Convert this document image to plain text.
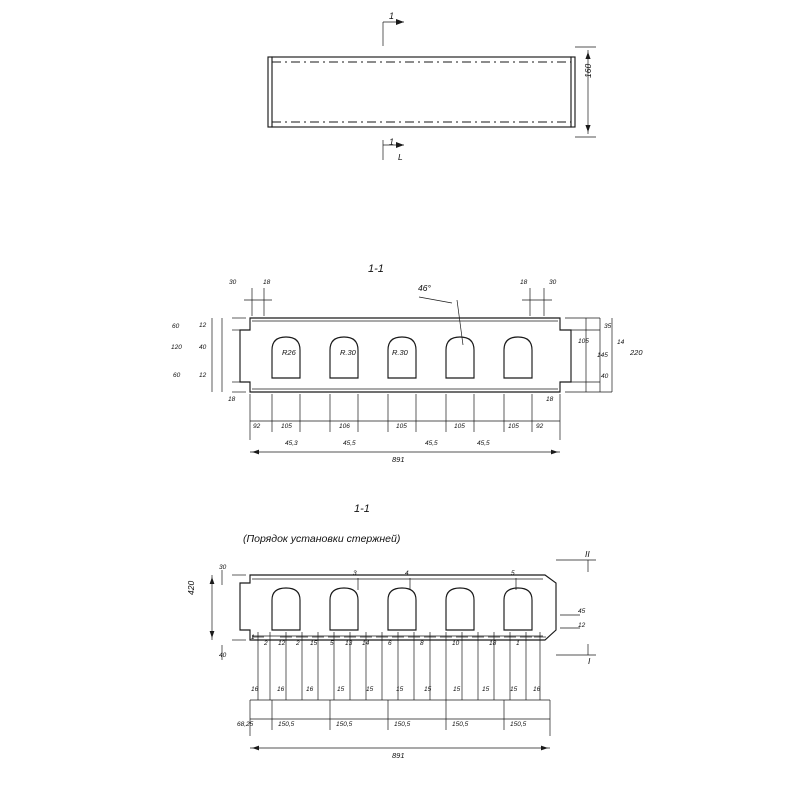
1
1
160
L
1-1
46°
R26	R.30	R.30
30	18	18	30
60	12
120	40
60	12
18
35
14
105
145
40
220
18
92	105	106	105	105	105	92
45,3	45,5	45,5	45,5
891
1-1
(Порядок установки стержней)
420
30
40
II
I
45
12
3	4	5
1
2 12 2 15 5 13 14	6	8	10	18	1
16	16	16	15	15	15	15	15	15	15 16
68,25	150,5	150,5	150,5	150,5	150,5
891
